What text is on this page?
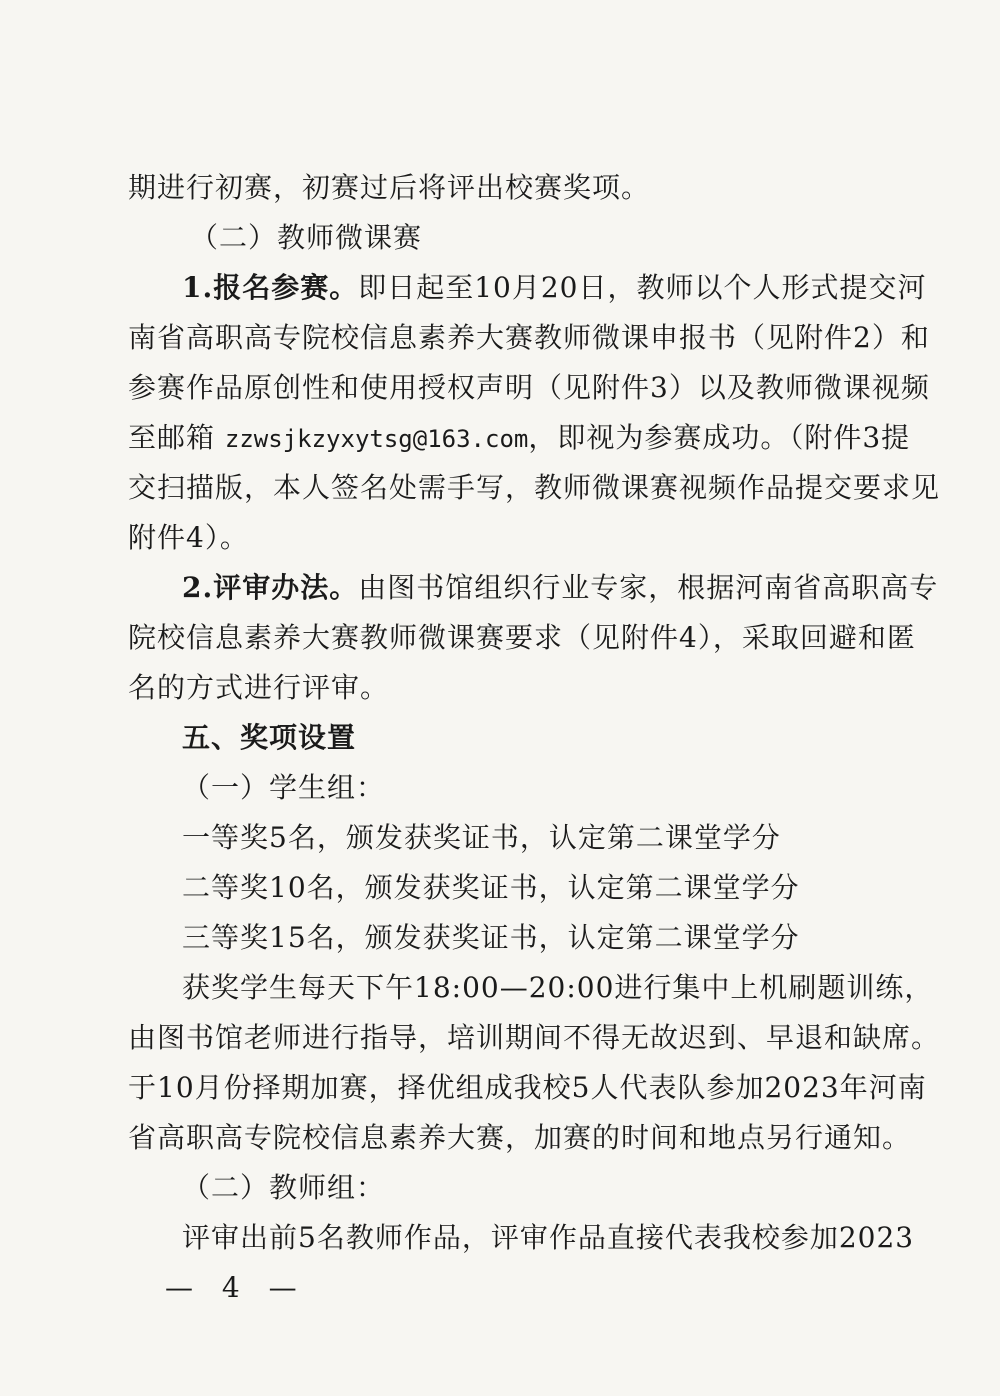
期进行初赛，初赛过后将评出校赛奖项。
（二）教师微课赛
1.报名参赛。即日起至10月20日，教师以个人形式提交河
南省高职高专院校信息素养大赛教师微课申报书（见附件2）和
参赛作品原创性和使用授权声明（见附件3）以及教师微课视频
至邮箱 zzwsjkzyxytsg@163.com，即视为参赛成功。（附件3提
交扫描版，本人签名处需手写，教师微课赛视频作品提交要求见
附件4）。
2.评审办法。由图书馆组织行业专家，根据河南省高职高专
院校信息素养大赛教师微课赛要求（见附件4），采取回避和匿
名的方式进行评审。
五、奖项设置
（一）学生组：
一等奖5名，颁发获奖证书，认定第二课堂学分
二等奖10名，颁发获奖证书，认定第二课堂学分
三等奖15名，颁发获奖证书，认定第二课堂学分
获奖学生每天下午18:00—20:00进行集中上机刷题训练，
由图书馆老师进行指导，培训期间不得无故迟到、早退和缺席。
于10月份择期加赛，择优组成我校5人代表队参加2023年河南
省高职高专院校信息素养大赛，加赛的时间和地点另行通知。
（二）教师组：
评审出前5名教师作品，评审作品直接代表我校参加2023
— 4 —
